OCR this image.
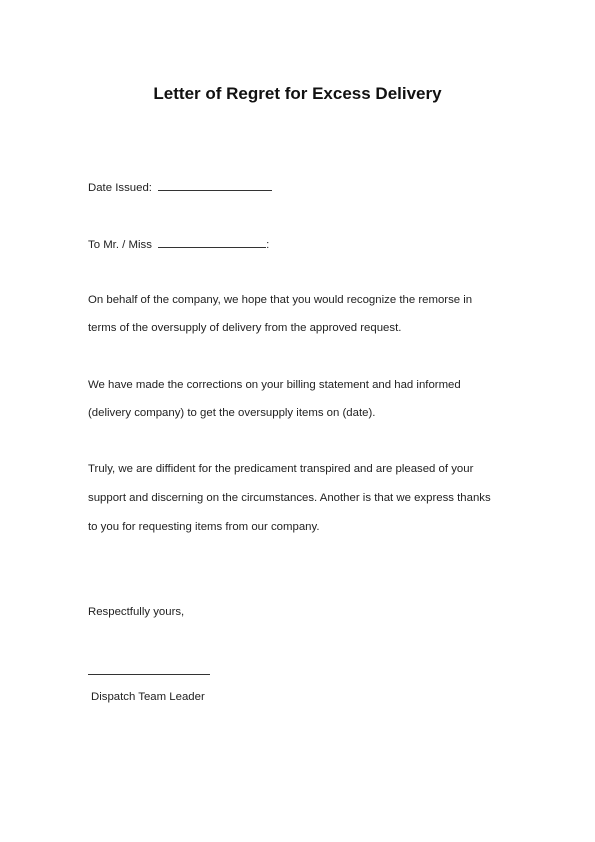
Letter of Regret for Excess Delivery
Date Issued:
To Mr. / Miss	:
On behalf of the company, we hope that you would recognize the remorse in
terms of the oversupply of delivery from the approved request.
We have made the corrections on your billing statement and had informed
(delivery company) to get the oversupply items on (date).
Truly, we are diffident for the predicament transpired and are pleased of your
support and discerning on the circumstances. Another is that we express thanks
to you for requesting items from our company.
Respectfully yours,
Dispatch Team Leader
